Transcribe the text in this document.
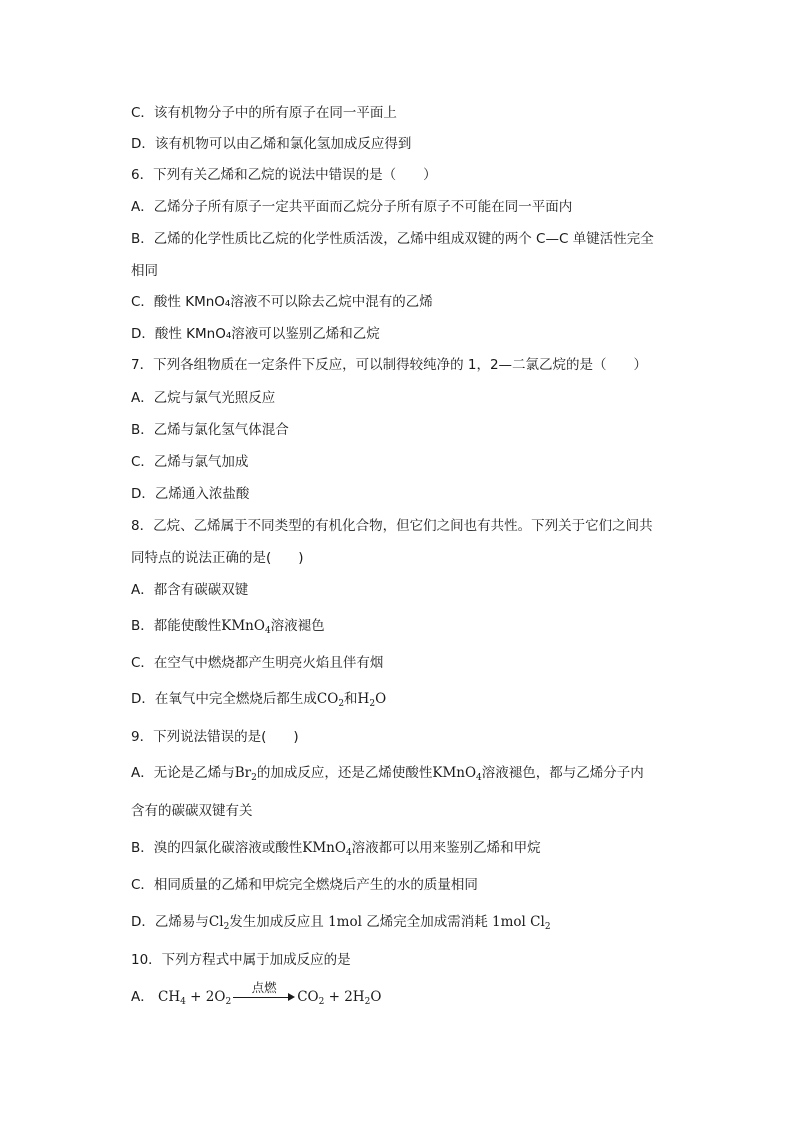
C．该有机物分子中的所有原子在同一平面上
D．该有机物可以由乙烯和氯化氢加成反应得到
6．下列有关乙烯和乙烷的说法中错误的是（　　）
A．乙烯分子所有原子一定共平面而乙烷分子所有原子不可能在同一平面内
B．乙烯的化学性质比乙烷的化学性质活泼，乙烯中组成双键的两个 C—C 单键活性完全
相同
C．酸性 KMnO₄溶液不可以除去乙烷中混有的乙烯
D．酸性 KMnO₄溶液可以鉴别乙烯和乙烷
7．下列各组物质在一定条件下反应，可以制得较纯净的 1，2—二氯乙烷的是（　　）
A．乙烷与氯气光照反应
B．乙烯与氯化氢气体混合
C．乙烯与氯气加成
D．乙烯通入浓盐酸
8．乙烷、乙烯属于不同类型的有机化合物，但它们之间也有共性。下列关于它们之间共
同特点的说法正确的是(　　)
A．都含有碳碳双键
B．都能使酸性KMnO$_4$溶液褪色
C．在空气中燃烧都产生明亮火焰且伴有烟
D．在氧气中完全燃烧后都生成$CO_2$和$H_2O$
9．下列说法错误的是(　　)
A．无论是乙烯与$Br_2$的加成反应，还是乙烯使酸性KMnO$_4$溶液褪色，都与乙烯分子内
含有的碳碳双键有关
B．溴的四氯化碳溶液或酸性KMnO$_4$溶液都可以用来鉴别乙烯和甲烷
C．相同质量的乙烯和甲烷完全燃烧后产生的水的质量相同
D．乙烯易与$Cl_2$发生加成反应且 1mol 乙烯完全加成需消耗 1mol $Cl_2$
10．下列方程式中属于加成反应的是
A． $CH_4 + 2O_2$
点燃
$CO_2 + 2H_2O$
